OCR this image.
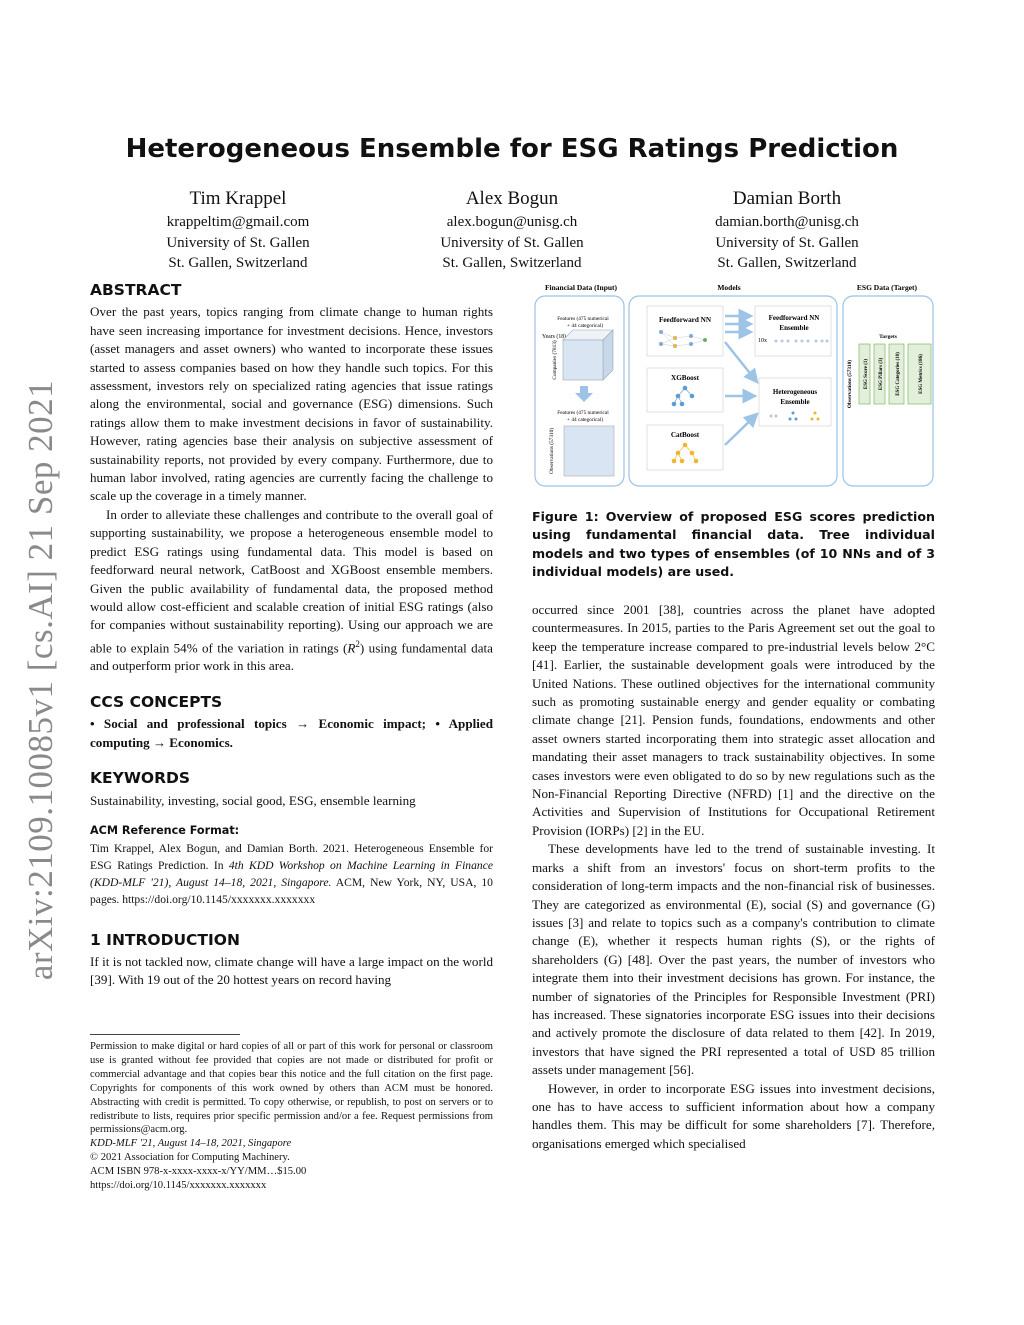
arXiv:2109.10085v1 [cs.AI] 21 Sep 2021
Heterogeneous Ensemble for ESG Ratings Prediction
Tim Krappel
krappeltim@gmail.com
University of St. Gallen
St. Gallen, Switzerland
Alex Bogun
alex.bogun@unisg.ch
University of St. Gallen
St. Gallen, Switzerland
Damian Borth
damian.borth@unisg.ch
University of St. Gallen
St. Gallen, Switzerland
ABSTRACT

Over the past years, topics ranging from climate change to human rights have seen increasing importance for investment decisions. Hence, investors (asset managers and asset owners) who wanted to incorporate these issues started to assess companies based on how they handle such topics. For this assessment, investors rely on specialized rating agencies that issue ratings along the environmental, social and governance (ESG) dimensions. Such ratings allow them to make investment decisions in favor of sustainability. However, rating agencies base their analysis on subjective assessment of sustainability reports, not provided by every company. Furthermore, due to human labor involved, rating agencies are currently facing the challenge to scale up the coverage in a timely manner.

In order to alleviate these challenges and contribute to the overall goal of supporting sustainability, we propose a heterogeneous ensemble model to predict ESG ratings using fundamental data. This model is based on feedforward neural network, CatBoost and XGBoost ensemble members. Given the public availability of fundamental data, the proposed method would allow cost-efficient and scalable creation of initial ESG ratings (also for companies without sustainability reporting). Using our approach we are able to explain 54% of the variation in ratings $(R^2)$ using fundamental data and outperform prior work in this area.

CCS CONCEPTS

• Social and professional topics → Economic impact; • Applied computing → Economics.

KEYWORDS

Sustainability, investing, social good, ESG, ensemble learning

ACM Reference Format:

Tim Krappel, Alex Bogun, and Damian Borth. 2021. Heterogeneous Ensemble for ESG Ratings Prediction. In 4th KDD Workshop on Machine Learning in Finance (KDD-MLF '21), August 14–18, 2021, Singapore. ACM, New York, NY, USA, 10 pages. https://doi.org/10.1145/xxxxxxx.xxxxxxx

1 INTRODUCTION

If it is not tackled now, climate change will have a large impact on the world [39]. With 19 out of the 20 hottest years on record having

Permission to make digital or hard copies of all or part of this work for personal or classroom use is granted without fee provided that copies are not made or distributed for profit or commercial advantage and that copies bear this notice and the full citation on the first page. Copyrights for components of this work owned by others than ACM must be honored. Abstracting with credit is permitted. To copy otherwise, or republish, to post on servers or to redistribute to lists, requires prior specific permission and/or a fee. Request permissions from permissions@acm.org.

KDD-MLF '21, August 14–18, 2021, Singapore
© 2021 Association for Computing Machinery.
ACM ISBN 978-x-xxxx-xxxx-x/YY/MM…$15.00
https://doi.org/10.1145/xxxxxxx.xxxxxxx
Financial Data (Input)	Models	ESG Data (Target)
Features (475 numerical
+ 44 categorical)
Years (18)
Companies (7813)
Features (475 numerical
+ 44 categorical)
Observations (57310)
Feedforward NN
XGBoost
CatBoost
Feedforward NN
Ensemble
10x
Heterogeneous
Ensemble
Targets
Observations (57310) ESG Score (1) ESG Pillars (3) ESG Categories (10)	ESG Metrics (186)
Figure 1: Overview of proposed ESG scores prediction using fundamental financial data. Tree individual models and two types of ensembles (of 10 NNs and of 3 individual models) are used.

occurred since 2001 [38], countries across the planet have adopted countermeasures. In 2015, parties to the Paris Agreement set out the goal to keep the temperature increase compared to pre-industrial levels below 2°C [41]. Earlier, the sustainable development goals were introduced by the United Nations. These outlined objectives for the international community such as promoting sustainable energy and gender equality or combating climate change [21]. Pension funds, foundations, endowments and other asset owners started incorporating them into strategic asset allocation and mandating their asset managers to track sustainability objectives. In some cases investors were even obligated to do so by new regulations such as the Non-Financial Reporting Directive (NFRD) [1] and the directive on the Activities and Supervision of Institutions for Occupational Retirement Provision (IORPs) [2] in the EU.

These developments have led to the trend of sustainable investing. It marks a shift from an investors' focus on short-term profits to the consideration of long-term impacts and the non-financial risk of businesses. They are categorized as environmental (E), social (S) and governance (G) issues [3] and relate to topics such as a company's contribution to climate change (E), whether it respects human rights (S), or the rights of shareholders (G) [48]. Over the past years, the number of investors who integrate them into their investment decisions has grown. For instance, the number of signatories of the Principles for Responsible Investment (PRI) has increased. These signatories incorporate ESG issues into their decisions and actively promote the disclosure of data related to them [42]. In 2019, investors that have signed the PRI represented a total of USD 85 trillion assets under management [56].

However, in order to incorporate ESG issues into investment decisions, one has to have access to sufficient information about how a company handles them. This may be difficult for some shareholders [7]. Therefore, organisations emerged which specialised
